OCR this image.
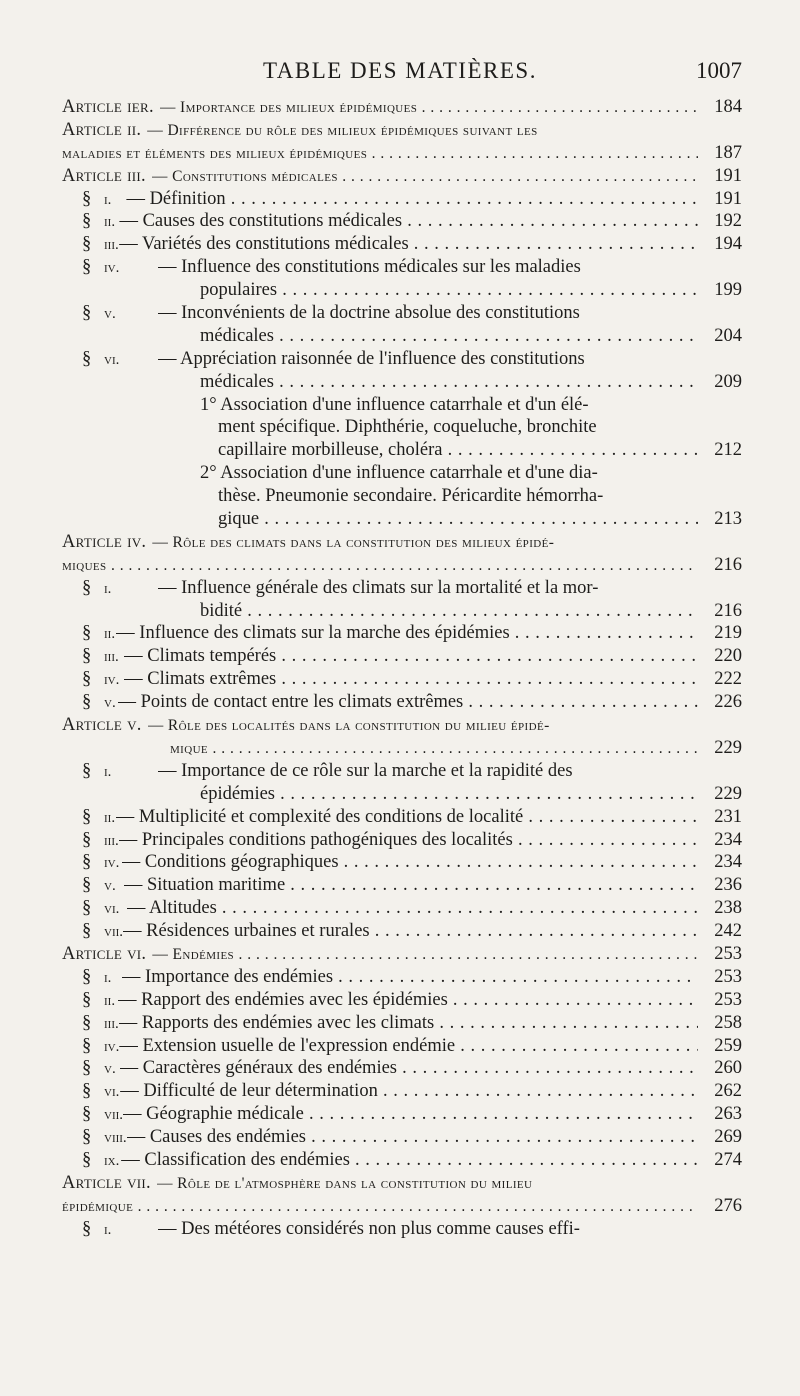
TABLE DES MATIÈRES.	1007
Article ier. — Importance des milieux épidémiques . . .	184
Article ii. — Différence du rôle des milieux épidémiques suivant les
maladies et éléments des milieux épidémiques . . .	187
Article iii. — Constitutions médicales . . .	191
§ i. — Définition . . .	191
§ ii. — Causes des constitutions médicales . . .	192
§ iii. — Variétés des constitutions médicales . . .	194
§ iv.	— Influence des constitutions médicales sur les maladies
populaires . . .	199
§ v.	— Inconvénients de la doctrine absolue des constitutions
médicales . . .	204
§ vi.	— Appréciation raisonnée de l'influence des constitutions
médicales . . .	209
1° Association d'une influence catarrhale et d'un élé-
ment spécifique. Diphthérie, coqueluche, bronchite
capillaire morbilleuse, choléra . . .	212
2° Association d'une influence catarrhale et d'une dia-
thèse. Pneumonie secondaire. Péricardite hémorrha-
gique . . .	213
Article iv. — Rôle des climats dans la constitution des milieux épidé-
miques . . .	216
§ i.	— Influence générale des climats sur la mortalité et la mor-
bidité . . .	216
§ ii. — Influence des climats sur la marche des épidémies . . .	219
§ iii. — Climats tempérés . . .	220
§ iv. — Climats extrêmes . . .	222
§ v. — Points de contact entre les climats extrêmes . . .	226
Article v. — Rôle des localités dans la constitution du milieu épidé-
mique . . .	229
§ i.	— Importance de ce rôle sur la marche et la rapidité des
épidémies . . .	229
§ ii. — Multiplicité et complexité des conditions de localité . . .	231
§ iii. — Principales conditions pathogéniques des localités . . .	234
§ iv. — Conditions géographiques . . .	234
§ v. — Situation maritime . . .	236
§ vi. — Altitudes . . .	238
§ vii. — Résidences urbaines et rurales . . .	242
Article vi. — Endémies . . .	253
§ i. — Importance des endémies . . .	253
§ ii. — Rapport des endémies avec les épidémies . . .	253
§ iii. — Rapports des endémies avec les climats . . .	258
§ iv. — Extension usuelle de l'expression endémie . . .	259
§ v. — Caractères généraux des endémies . . .	260
§ vi. — Difficulté de leur détermination . . .	262
§ vii. — Géographie médicale . . .	263
§ viii. — Causes des endémies . . .	269
§ ix. — Classification des endémies . . .	274
Article vii. — Rôle de l'atmosphère dans la constitution du milieu
épidémique . . .	276
§ i.	— Des météores considérés non plus comme causes effi-
